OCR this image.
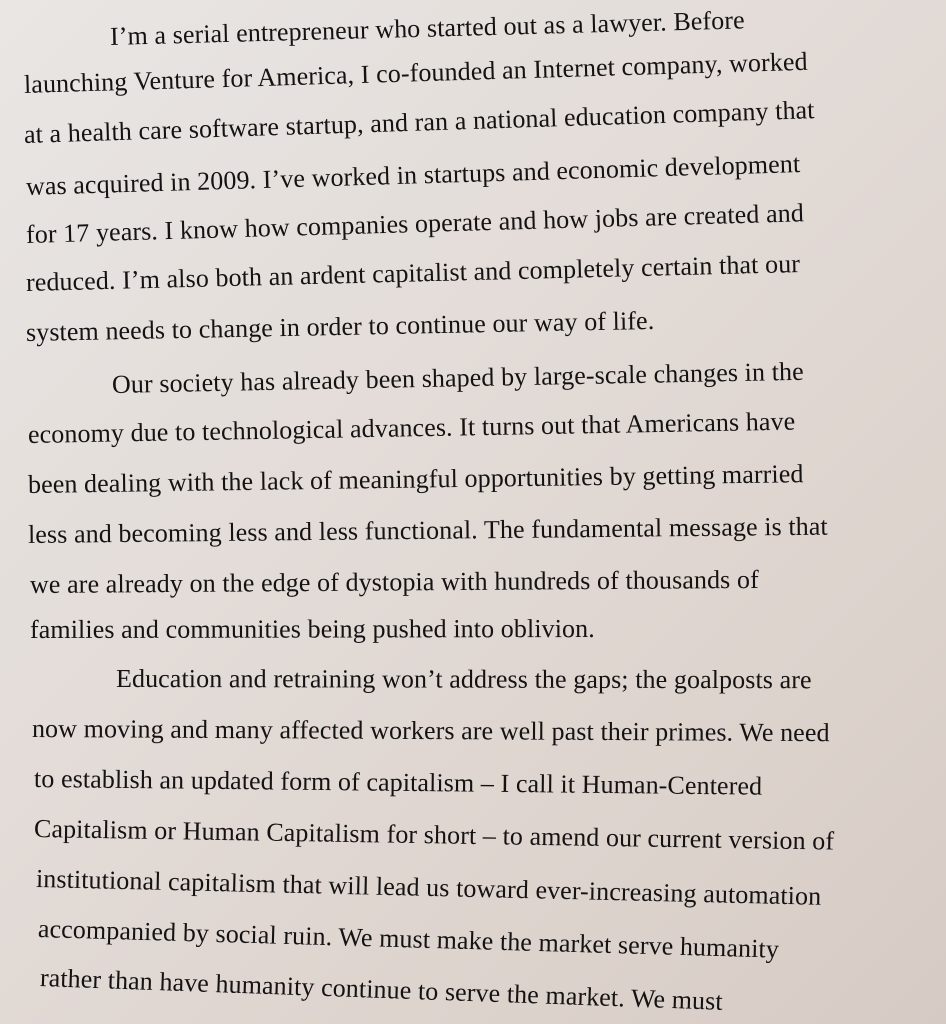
I’m a serial entrepreneur who started out as a lawyer. Before
launching Venture for America, I co-founded an Internet company, worked
at a health care software startup, and ran a national education company that
was acquired in 2009. I’ve worked in startups and economic development
for 17 years. I know how companies operate and how jobs are created and
reduced. I’m also both an ardent capitalist and completely certain that our
system needs to change in order to continue our way of life.
Our society has already been shaped by large-scale changes in the
economy due to technological advances. It turns out that Americans have
been dealing with the lack of meaningful opportunities by getting married
less and becoming less and less functional. The fundamental message is that
we are already on the edge of dystopia with hundreds of thousands of
families and communities being pushed into oblivion.
Education and retraining won’t address the gaps; the goalposts are
now moving and many affected workers are well past their primes. We need
to establish an updated form of capitalism – I call it Human-Centered
Capitalism or Human Capitalism for short – to amend our current version of
institutional capitalism that will lead us toward ever-increasing automation
accompanied by social ruin. We must make the market serve humanity
rather than have humanity continue to serve the market. We must
